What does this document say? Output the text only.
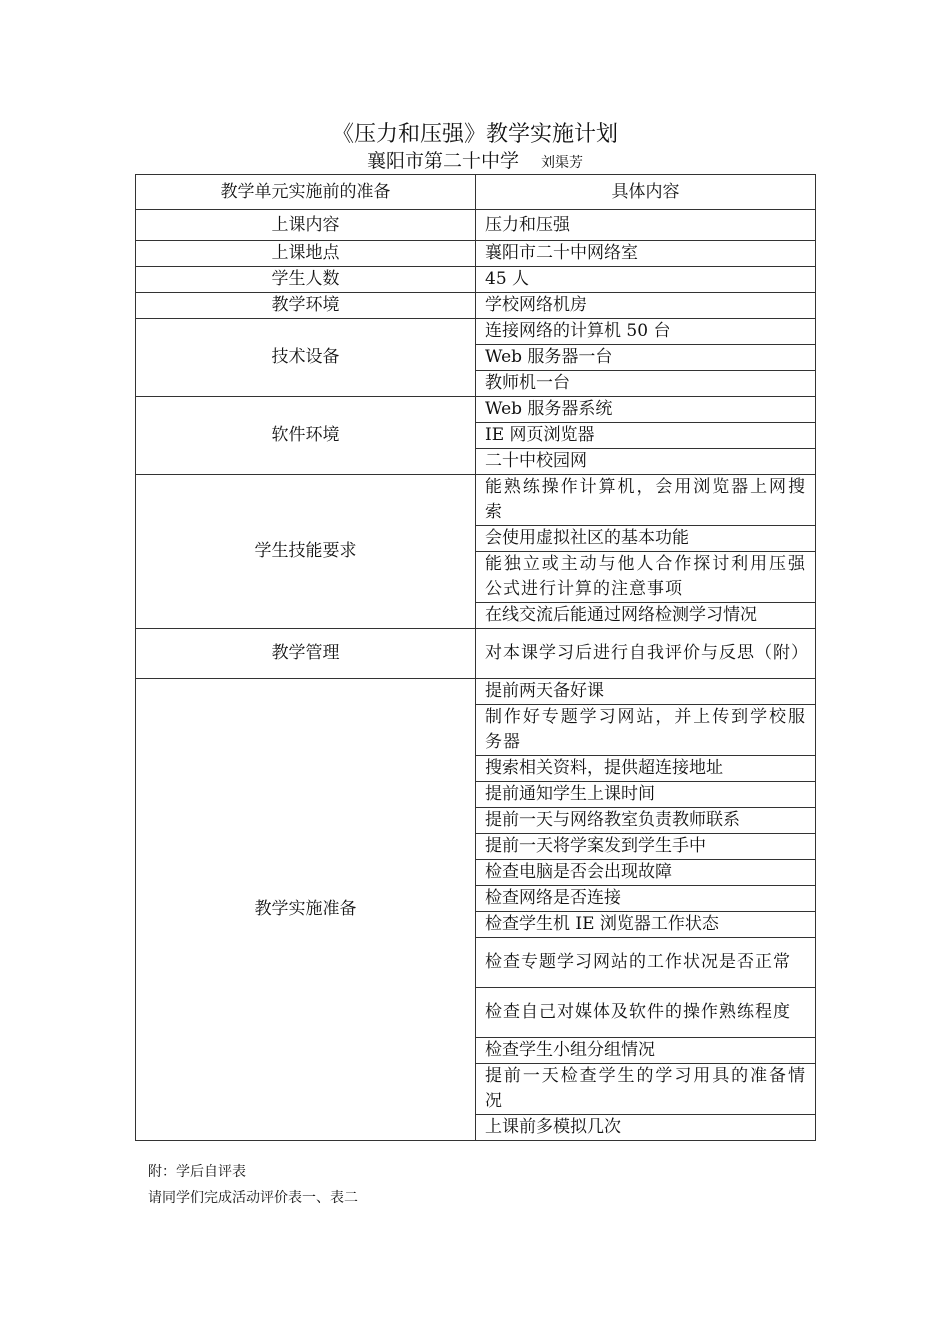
《压力和压强》教学实施计划
襄阳市第二十中学 刘渠芳
教学单元实施前的准备	具体内容
上课内容	压力和压强
上课地点	襄阳市二十中网络室
学生人数	45 人
教学环境	学校网络机房
技术设备	连接网络的计算机 50 台
	Web 服务器一台
	教师机一台
软件环境	Web 服务器系统
	IE 网页浏览器
	二十中校园网
学生技能要求	能熟练操作计算机，会用浏览器上网搜索
	会使用虚拟社区的基本功能
	能独立或主动与他人合作探讨利用压强公式进行计算的注意事项
	在线交流后能通过网络检测学习情况
教学管理	对本课学习后进行自我评价与反思（附）
教学实施准备	提前两天备好课
	制作好专题学习网站，并上传到学校服务器
	搜索相关资料，提供超连接地址
	提前通知学生上课时间
	提前一天与网络教室负责教师联系
	提前一天将学案发到学生手中
	检查电脑是否会出现故障
	检查网络是否连接
	检查学生机 IE 浏览器工作状态
	检查专题学习网站的工作状况是否正常
	检查自己对媒体及软件的操作熟练程度
	检查学生小组分组情况
	提前一天检查学生的学习用具的准备情况
	上课前多模拟几次
附：学后自评表
请同学们完成活动评价表一、表二
